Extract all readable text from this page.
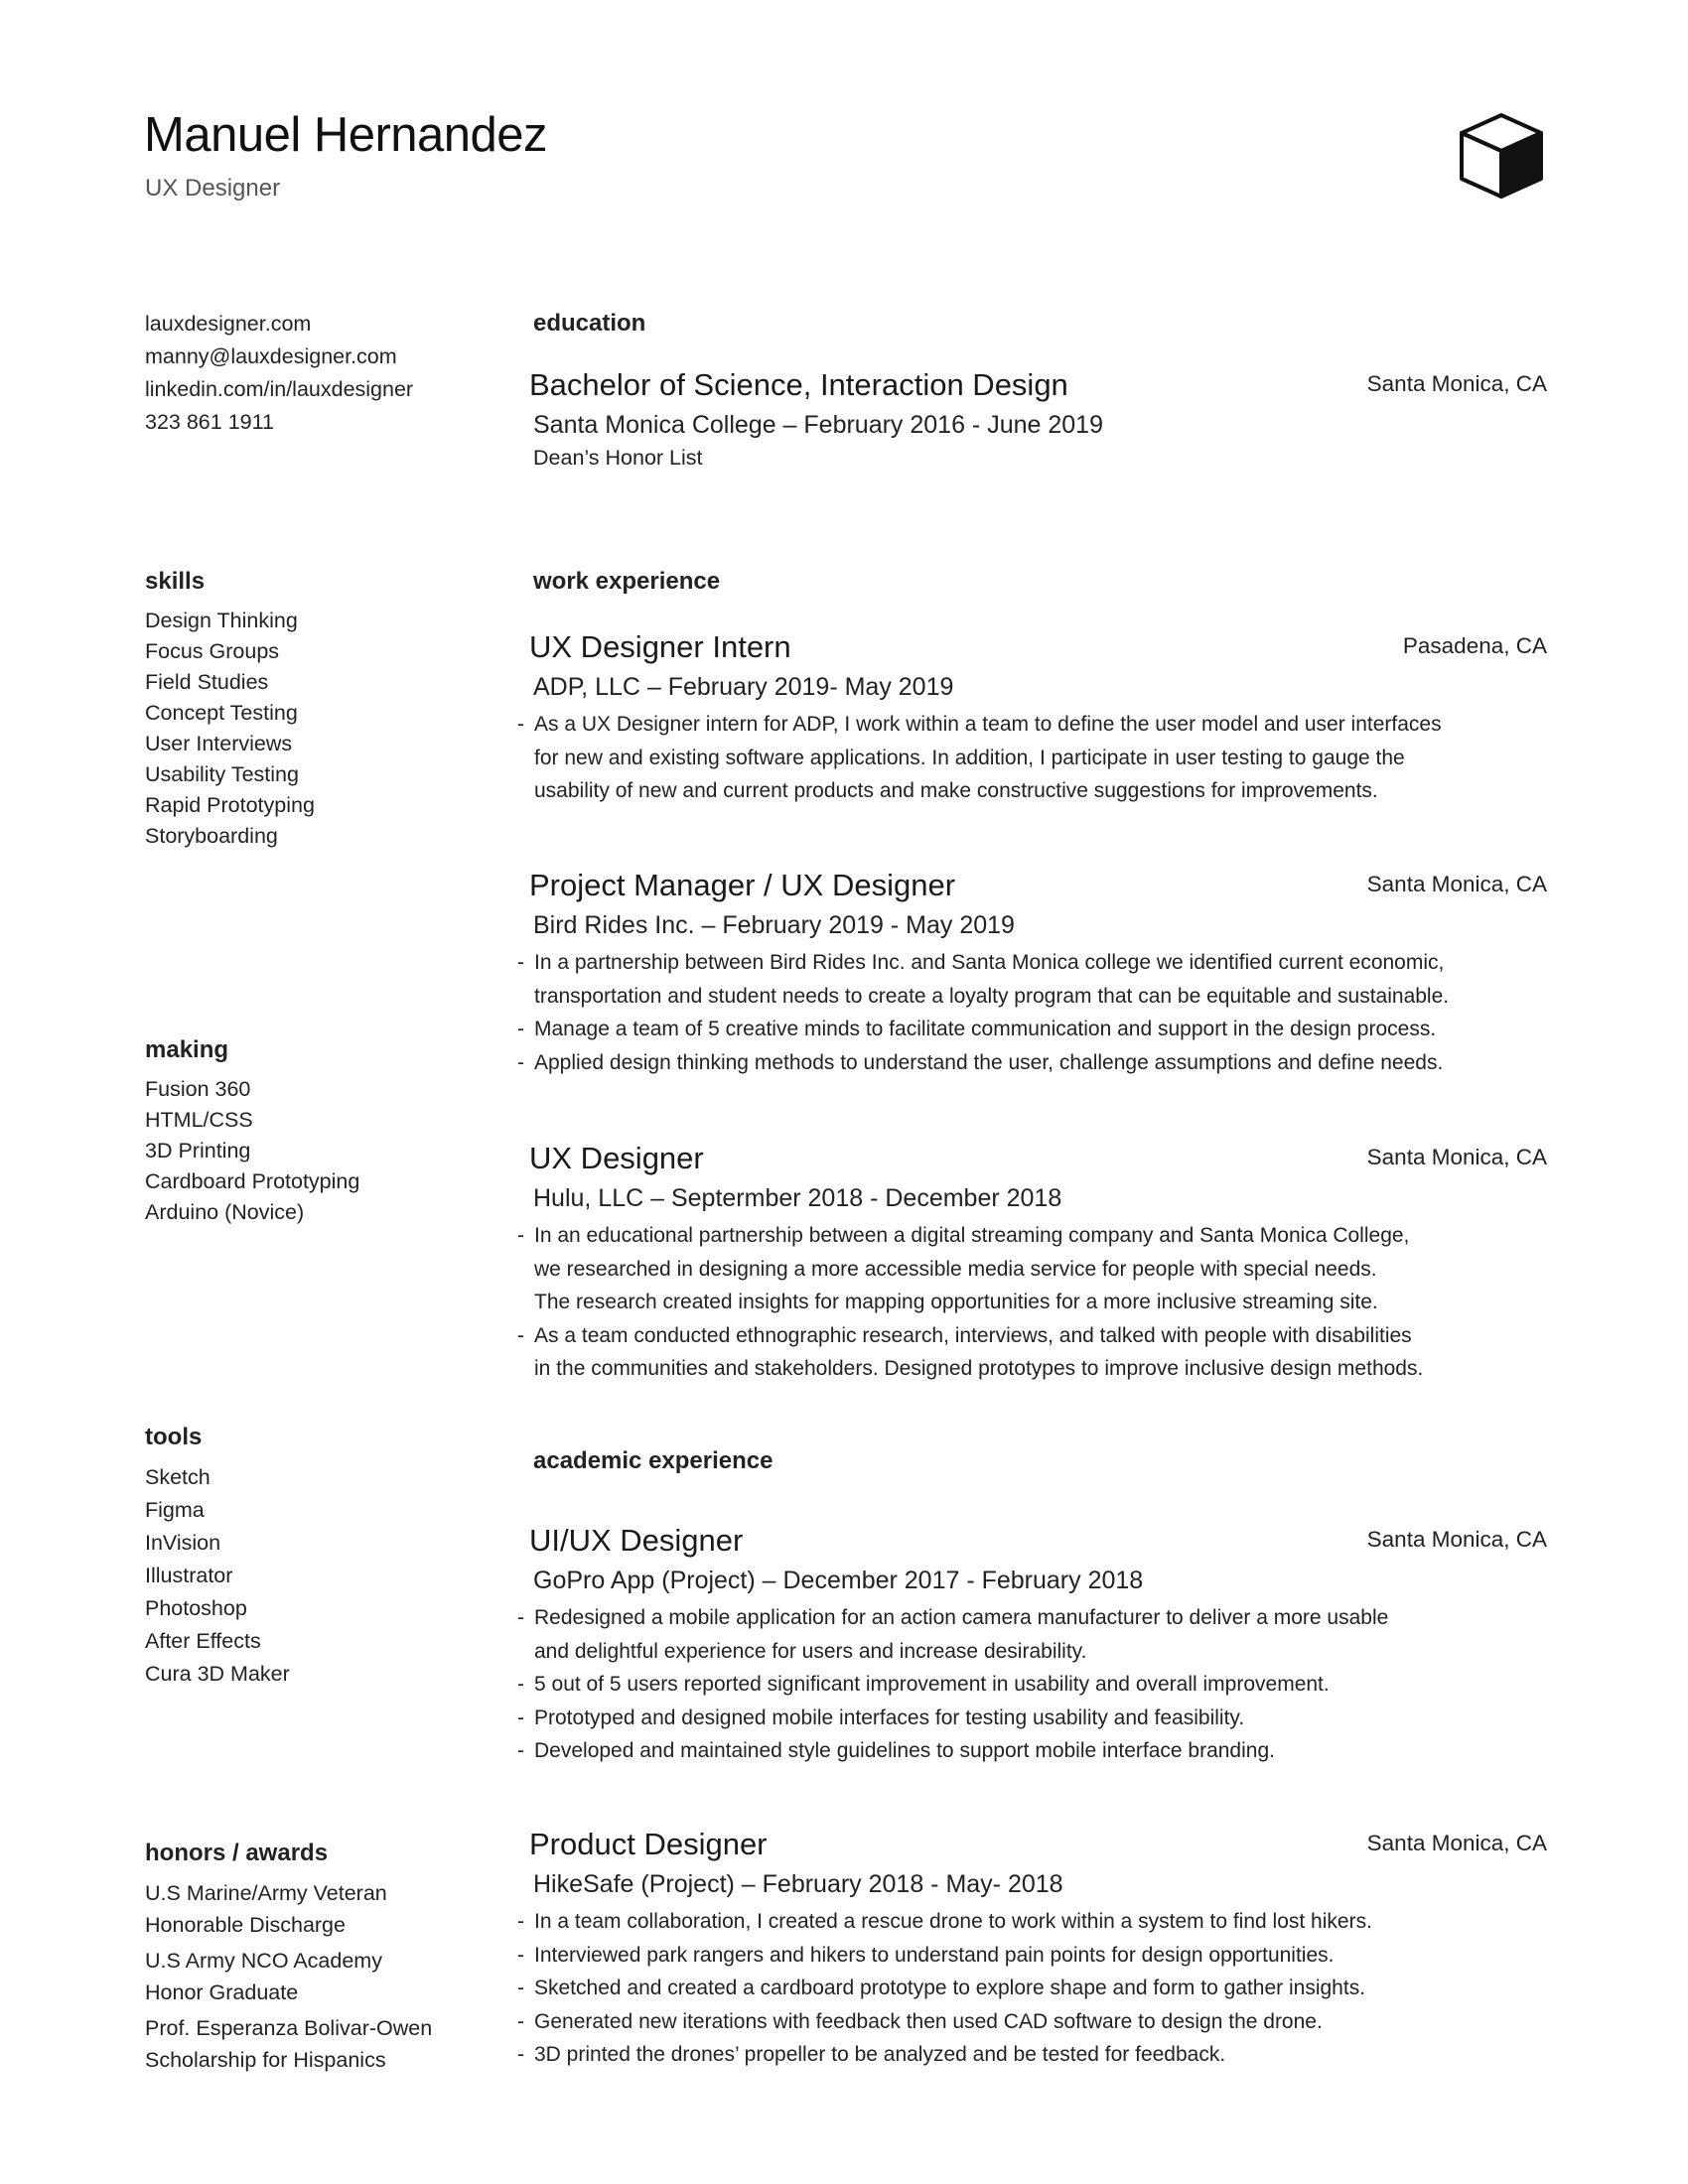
Manuel Hernandez

UX Designer

lauxdesigner.com

manny@lauxdesigner.com

linkedin.com/in/lauxdesigner

323 861 1911

skills

Design Thinking

Focus Groups

Field Studies

Concept Testing

User Interviews

Usability Testing

Rapid Prototyping

Storyboarding

making

Fusion 360

HTML/CSS

3D Printing

Cardboard Prototyping

Arduino (Novice)

tools

Sketch

Figma

InVision

Illustrator

Photoshop

After Effects

Cura 3D Maker

honors / awards

U.S Marine/Army Veteran

Honorable Discharge

U.S Army NCO Academy

Honor Graduate

Prof. Esperanza Bolivar-Owen

Scholarship for Hispanics

education

Bachelor of Science, Interaction Design	Santa Monica, CA

Santa Monica College – February 2016 - June 2019

Dean’s Honor List

work experience

UX Designer Intern	Pasadena, CA

ADP, LLC – February 2019- May 2019

- As a UX Designer intern for ADP, I work within a team to define the user model and user interfaces
for new and existing software applications. In addition, I participate in user testing to gauge the
usability of new and current products and make constructive suggestions for improvements.

Project Manager / UX Designer	Santa Monica, CA

Bird Rides Inc. – February 2019 - May 2019

- In a partnership between Bird Rides Inc. and Santa Monica college we identified current economic,
transportation and student needs to create a loyalty program that can be equitable and sustainable.
- Manage a team of 5 creative minds to facilitate communication and support in the design process.
- Applied design thinking methods to understand the user, challenge assumptions and define needs.

UX Designer	Santa Monica, CA

Hulu, LLC – Septermber 2018 - December 2018

- In an educational partnership between a digital streaming company and Santa Monica College,
we researched in designing a more accessible media service for people with special needs.
The research created insights for mapping opportunities for a more inclusive streaming site.
- As a team conducted ethnographic research, interviews, and talked with people with disabilities
in the communities and stakeholders. Designed prototypes to improve inclusive design methods.

academic experience

UI/UX Designer	Santa Monica, CA

GoPro App (Project) – December 2017 - February 2018

- Redesigned a mobile application for an action camera manufacturer to deliver a more usable
and delightful experience for users and increase desirability.
- 5 out of 5 users reported significant improvement in usability and overall improvement.
- Prototyped and designed mobile interfaces for testing usability and feasibility.
- Developed and maintained style guidelines to support mobile interface branding.

Product Designer	Santa Monica, CA

HikeSafe (Project) – February 2018 - May- 2018

- In a team collaboration, I created a rescue drone to work within a system to find lost hikers.
- Interviewed park rangers and hikers to understand pain points for design opportunities.
- Sketched and created a cardboard prototype to explore shape and form to gather insights.
- Generated new iterations with feedback then used CAD software to design the drone.
- 3D printed the drones’ propeller to be analyzed and be tested for feedback.
